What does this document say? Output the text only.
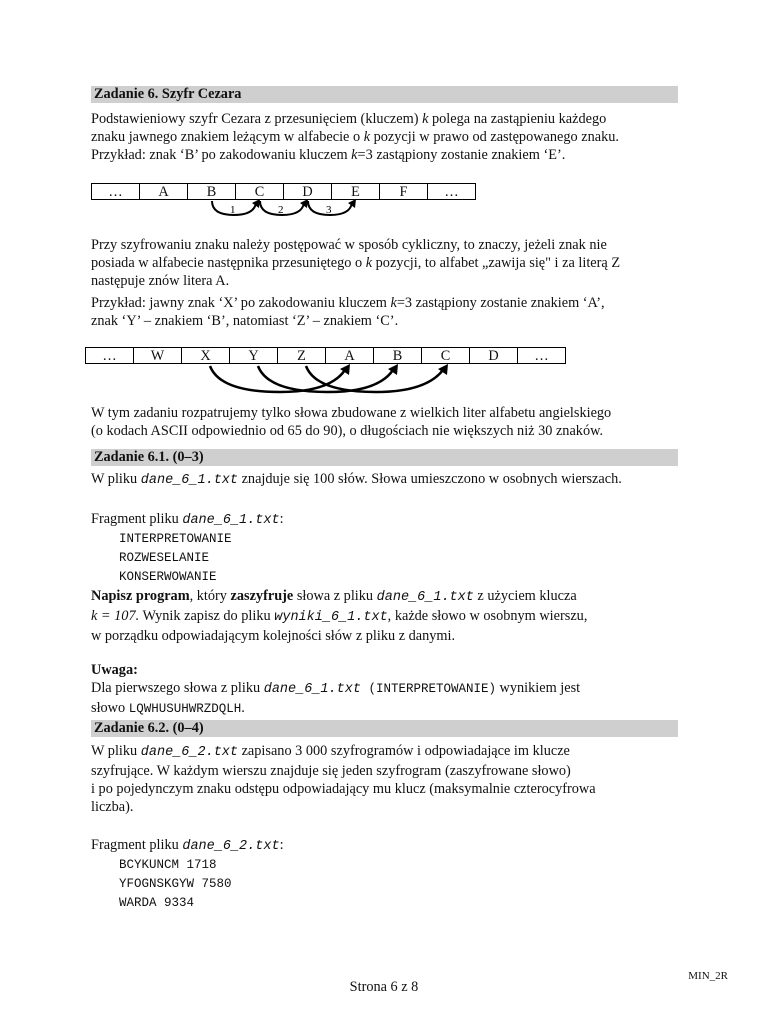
Zadanie 6. Szyfr Cezara

Podstawieniowy szyfr Cezara z przesunięciem (kluczem) k polega na zastąpieniu każdego

znaku jawnego znakiem leżącym w alfabecie o k pozycji w prawo od zastępowanego znaku.

Przykład: znak ‘B’ po zakodowaniu kluczem k=3 zastąpiony zostanie znakiem ‘E’.

…	A	B	C	D	E	F	…
1	2	3

Przy szyfrowaniu znaku należy postępować w sposób cykliczny, to znaczy, jeżeli znak nie

posiada w alfabecie następnika przesuniętego o k pozycji, to alfabet „zawija się" i za literą Z

następuje znów litera A.

Przykład: jawny znak ‘X’ po zakodowaniu kluczem k=3 zastąpiony zostanie znakiem ‘A’,

znak ‘Y’ – znakiem ‘B’, natomiast ‘Z’ – znakiem ‘C’.

…	W	X	Y	Z	A	B	C	D	…

W tym zadaniu rozpatrujemy tylko słowa zbudowane z wielkich liter alfabetu angielskiego

(o kodach ASCII odpowiednio od 65 do 90), o długościach nie większych niż 30 znaków.

Zadanie 6.1. (0–3)

W pliku dane_6_1.txt znajduje się 100 słów. Słowa umieszczono w osobnych wierszach.

Fragment pliku dane_6_1.txt:

INTERPRETOWANIE
ROZWESELANIE
KONSERWOWANIE

Napisz program, który zaszyfruje słowa z pliku dane_6_1.txt z użyciem klucza

k = 107. Wynik zapisz do pliku wyniki_6_1.txt, każde słowo w osobnym wierszu,

w porządku odpowiadającym kolejności słów z pliku z danymi.

Uwaga:

Dla pierwszego słowa z pliku dane_6_1.txt (INTERPRETOWANIE) wynikiem jest

słowo LQWHUSUHWRZDQLH.

Zadanie 6.2. (0–4)

W pliku dane_6_2.txt zapisano 3 000 szyfrogramów i odpowiadające im klucze

szyfrujące. W każdym wierszu znajduje się jeden szyfrogram (zaszyfrowane słowo)

i po pojedynczym znaku odstępu odpowiadający mu klucz (maksymalnie czterocyfrowa

liczba).

Fragment pliku dane_6_2.txt:

BCYKUNCM 1718
YFOGNSKGYW 7580
WARDA 9334
MIN_2R
Strona 6 z 8
